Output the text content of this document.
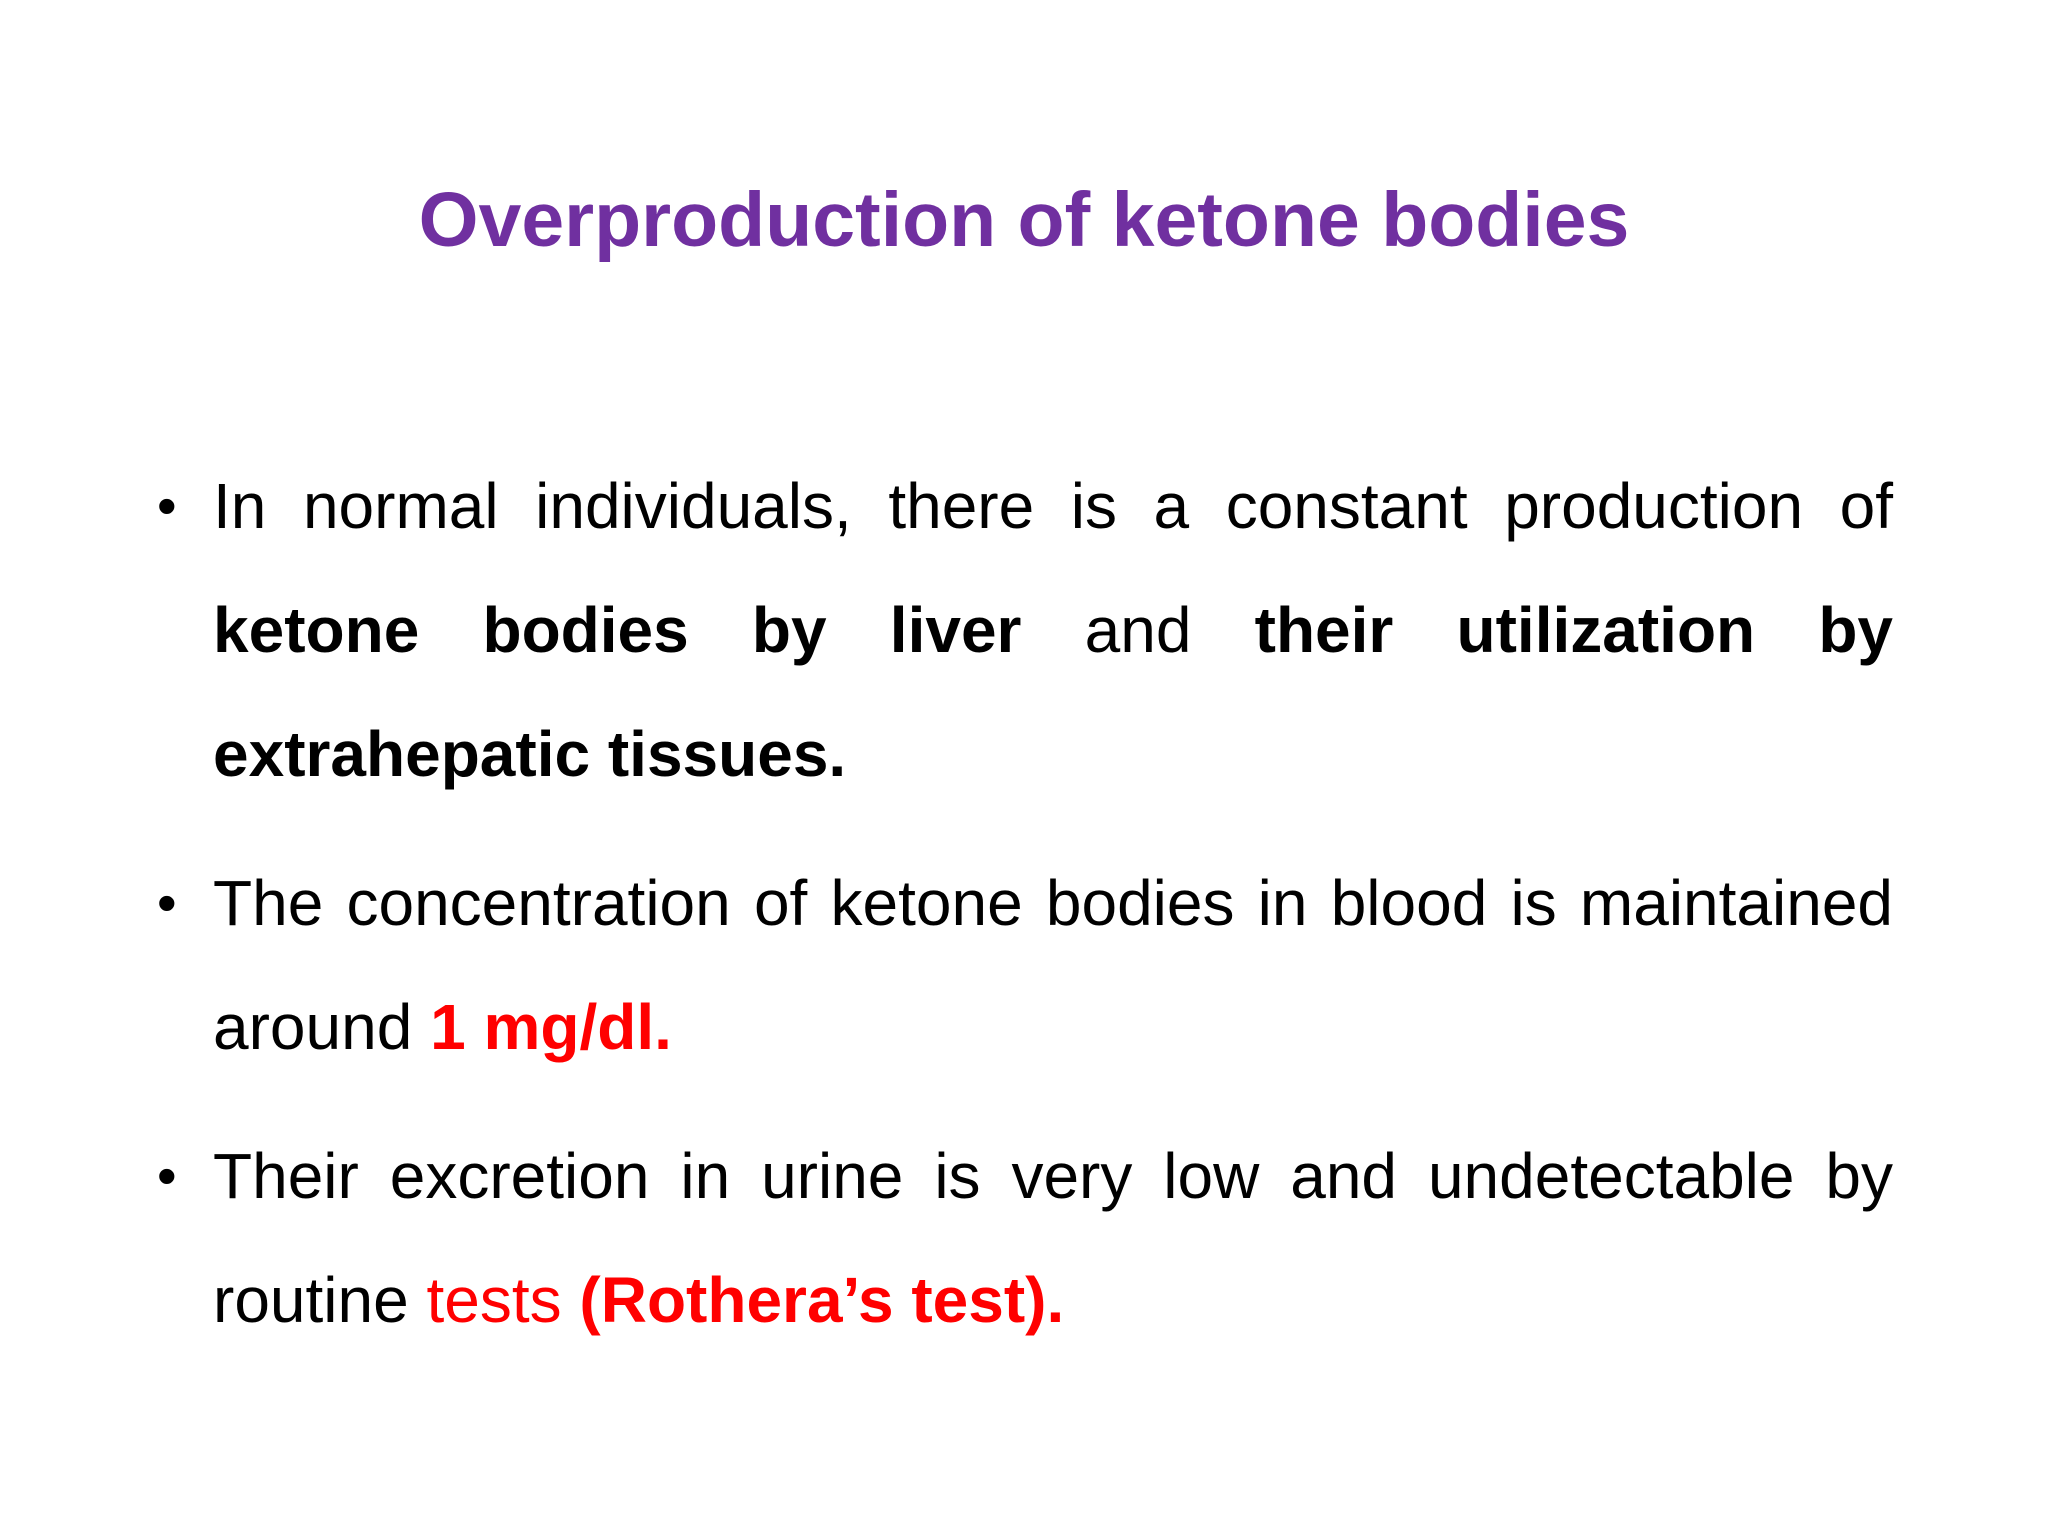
Overproduction of ketone bodies
• In normal individuals, there is a constant production of ketone bodies by liver and their utilization by extrahepatic tissues.
• The concentration of ketone bodies in blood is maintained around 1 mg/dl.
• Their excretion in urine is very low and undetectable by routine tests (Rothera’s test).
